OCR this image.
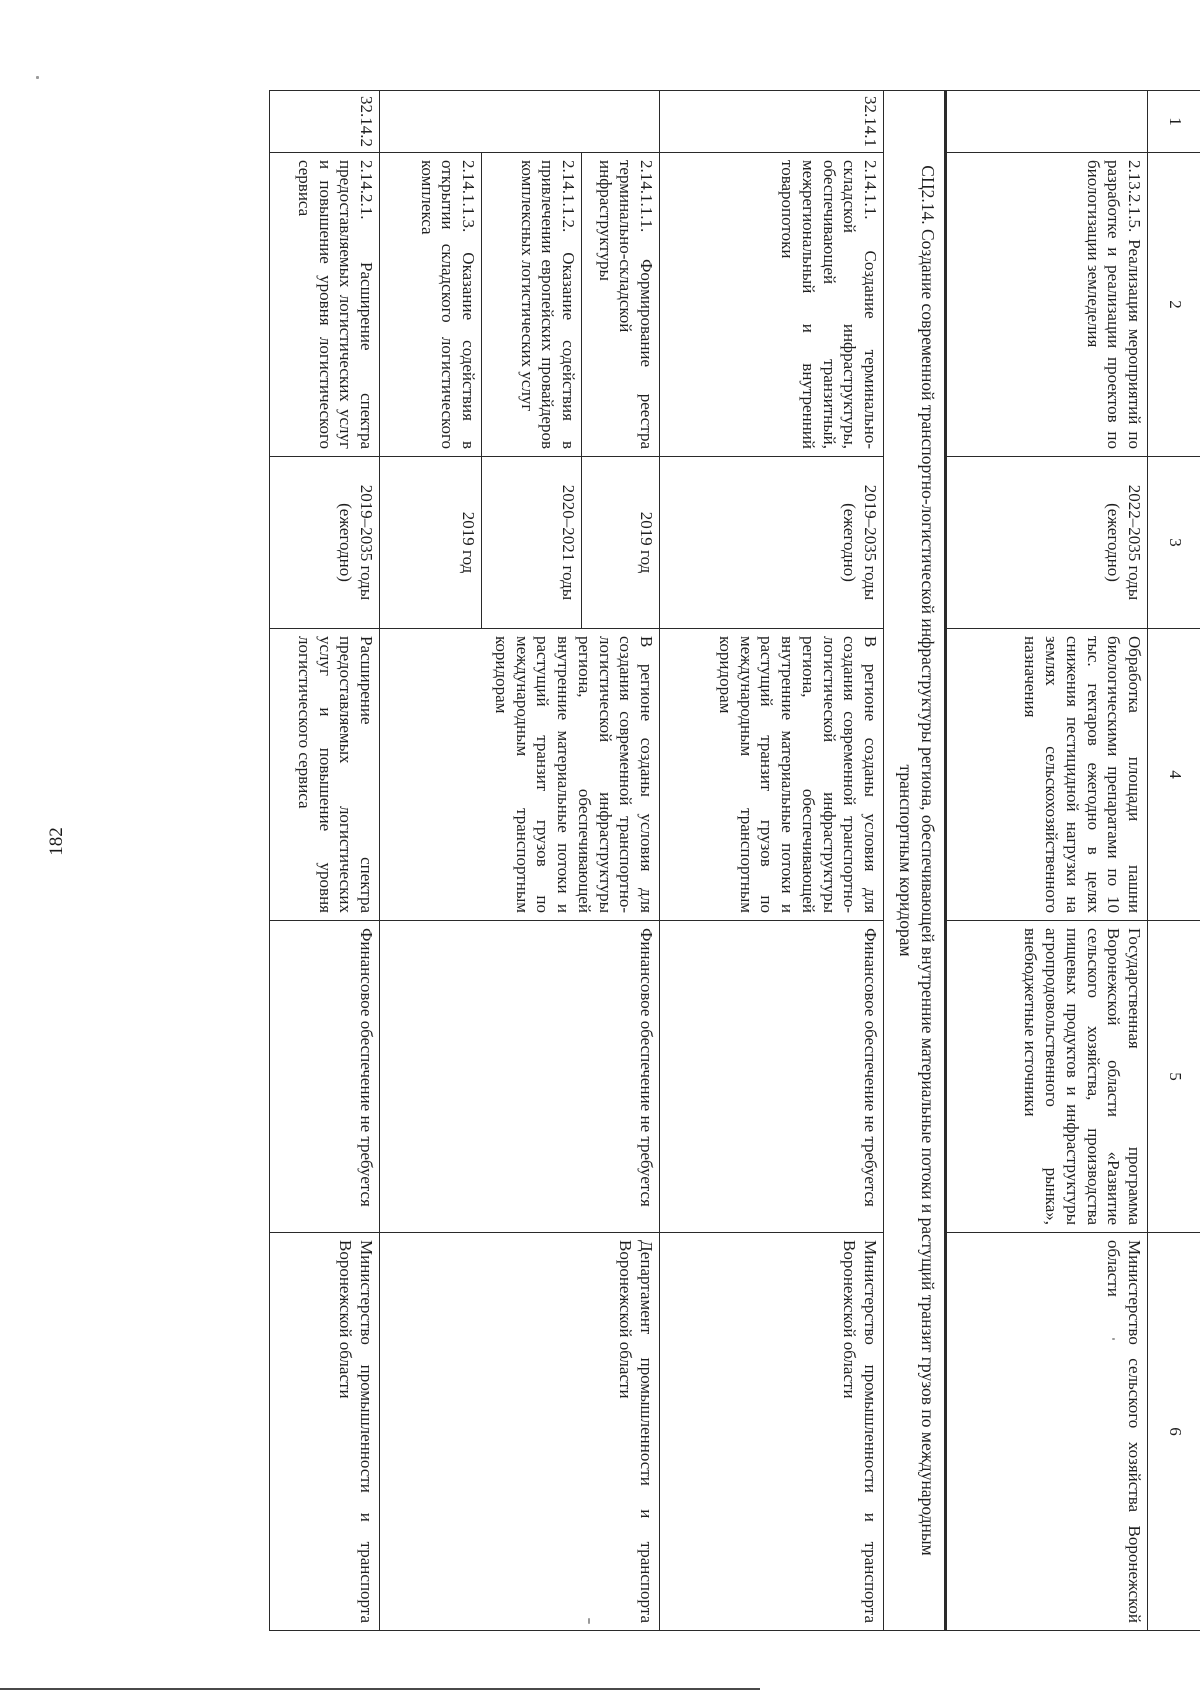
182
1	2	3	4	5	6
	2.13.2.1.5. Реализация мероприятий по разработке и реализации проектов по биологизации земледелия	2022–2035 годы (ежегодно)	Обработка площади пашни биологическими препаратами по 10 тыс. гектаров ежегодно в целях снижения пестицидной нагрузки на землях сельскохозяйственного назначения	Государственная программа Воронежской области «Развитие сельского хозяйства, производства пищевых продуктов и инфраструктуры агропродовольственного рынка», внебюджетные источники	Министерство сельского хозяйства Воронежской области
СЦ2.14. Создание современной транспортно-логистической инфраструктуры региона, обеспечивающей внутренние материальные потоки и растущий транзит грузов по международным транспортным коридорам					
32.14.1	2.14.1.1. Создание терминально-складской инфраструктуры, обеспечивающей транзитный, межрегиональный и внутренний товаропотоки	2019–2035 годы (ежегодно)	В регионе созданы условия для создания современной транспортно-логистической инфраструктуры региона, обеспечивающей внутренние материальные потоки и растущий транзит грузов по международным транспортным коридорам	Финансовое обеспечение не требуется	Министерство промышленности и транспорта Воронежской области
	2.14.1.1.1. Формирование реестра терминально-складской инфраструктуры	2019 год	В регионе созданы условия для создания современной транспортно-логистической инфраструктуры региона, обеспечивающей внутренние материальные потоки и растущий транзит грузов по международным транспортным коридорам	Финансовое обеспечение не требуется	Департамент промышленности и транспорта Воронежской области
	2.14.1.1.2. Оказание содействия в привлечении европейских провайдеров комплексных логистических услуг	2020–2021 годы			
	2.14.1.1.3. Оказание содействия в открытии складского логистического комплекса	2019 год			
32.14.2	2.14.2.1. Расширение спектра предоставляемых логистических услуг и повышение уровня логистического сервиса	2019–2035 годы (ежегодно)	Расширение спектра предоставляемых логистических услуг и повышение уровня логистического сервиса	Финансовое обеспечение не требуется	Министерство промышленности и транспорта Воронежской области
